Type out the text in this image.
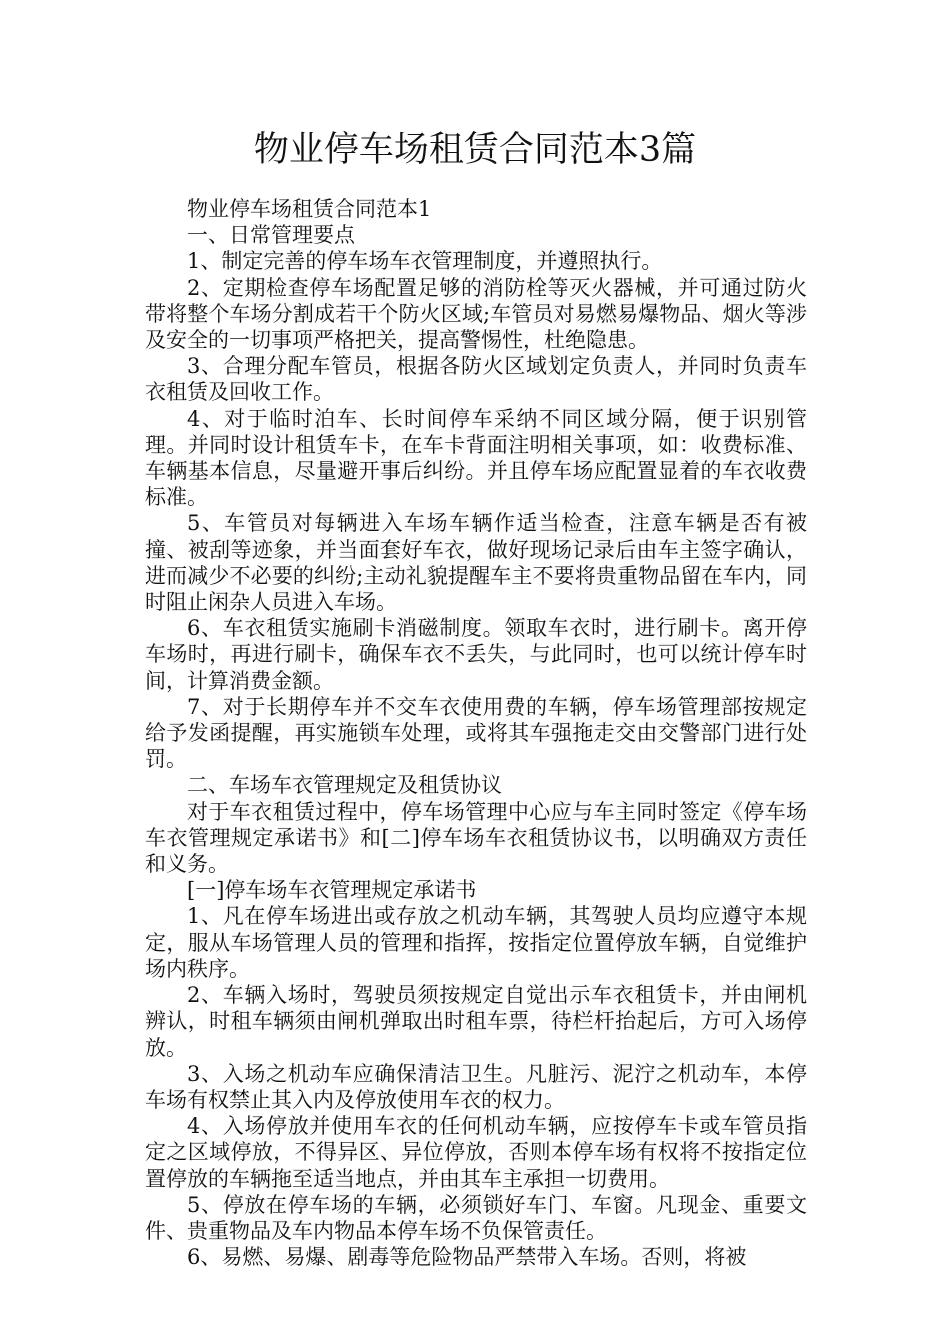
物业停车场租赁合同范本3篇

物业停车场租赁合同范本1

一、日常管理要点

1、制定完善的停车场车衣管理制度，并遵照执行。

2、定期检查停车场配置足够的消防栓等灭火器械，并可通过防火带将整个车场分割成若干个防火区域;车管员对易燃易爆物品、烟火等涉及安全的一切事项严格把关，提高警惕性，杜绝隐患。

3、合理分配车管员，根据各防火区域划定负责人，并同时负责车衣租赁及回收工作。

4、对于临时泊车、长时间停车采纳不同区域分隔，便于识别管理。并同时设计租赁车卡，在车卡背面注明相关事项，如：收费标准、车辆基本信息，尽量避开事后纠纷。并且停车场应配置显着的车衣收费标准。

5、车管员对每辆进入车场车辆作适当检查，注意车辆是否有被撞、被刮等迹象，并当面套好车衣，做好现场记录后由车主签字确认，进而减少不必要的纠纷;主动礼貌提醒车主不要将贵重物品留在车内，同时阻止闲杂人员进入车场。

6、车衣租赁实施刷卡消磁制度。领取车衣时，进行刷卡。离开停车场时，再进行刷卡，确保车衣不丢失，与此同时，也可以统计停车时间，计算消费金额。

7、对于长期停车并不交车衣使用费的车辆，停车场管理部按规定给予发函提醒，再实施锁车处理，或将其车强拖走交由交警部门进行处罚。

二、车场车衣管理规定及租赁协议

对于车衣租赁过程中，停车场管理中心应与车主同时签定《停车场车衣管理规定承诺书》和[二]停车场车衣租赁协议书，以明确双方责任和义务。

[一]停车场车衣管理规定承诺书

1、凡在停车场进出或存放之机动车辆，其驾驶人员均应遵守本规定，服从车场管理人员的管理和指挥，按指定位置停放车辆，自觉维护场内秩序。

2、车辆入场时，驾驶员须按规定自觉出示车衣租赁卡，并由闸机辨认，时租车辆须由闸机弹取出时租车票，待栏杆抬起后，方可入场停放。

3、入场之机动车应确保清洁卫生。凡脏污、泥泞之机动车，本停车场有权禁止其入内及停放使用车衣的权力。

4、入场停放并使用车衣的任何机动车辆，应按停车卡或车管员指定之区域停放，不得异区、异位停放，否则本停车场有权将不按指定位置停放的车辆拖至适当地点，并由其车主承担一切费用。

5、停放在停车场的车辆，必须锁好车门、车窗。凡现金、重要文件、贵重物品及车内物品本停车场不负保管责任。

6、易燃、易爆、剧毒等危险物品严禁带入车场。否则，将被
